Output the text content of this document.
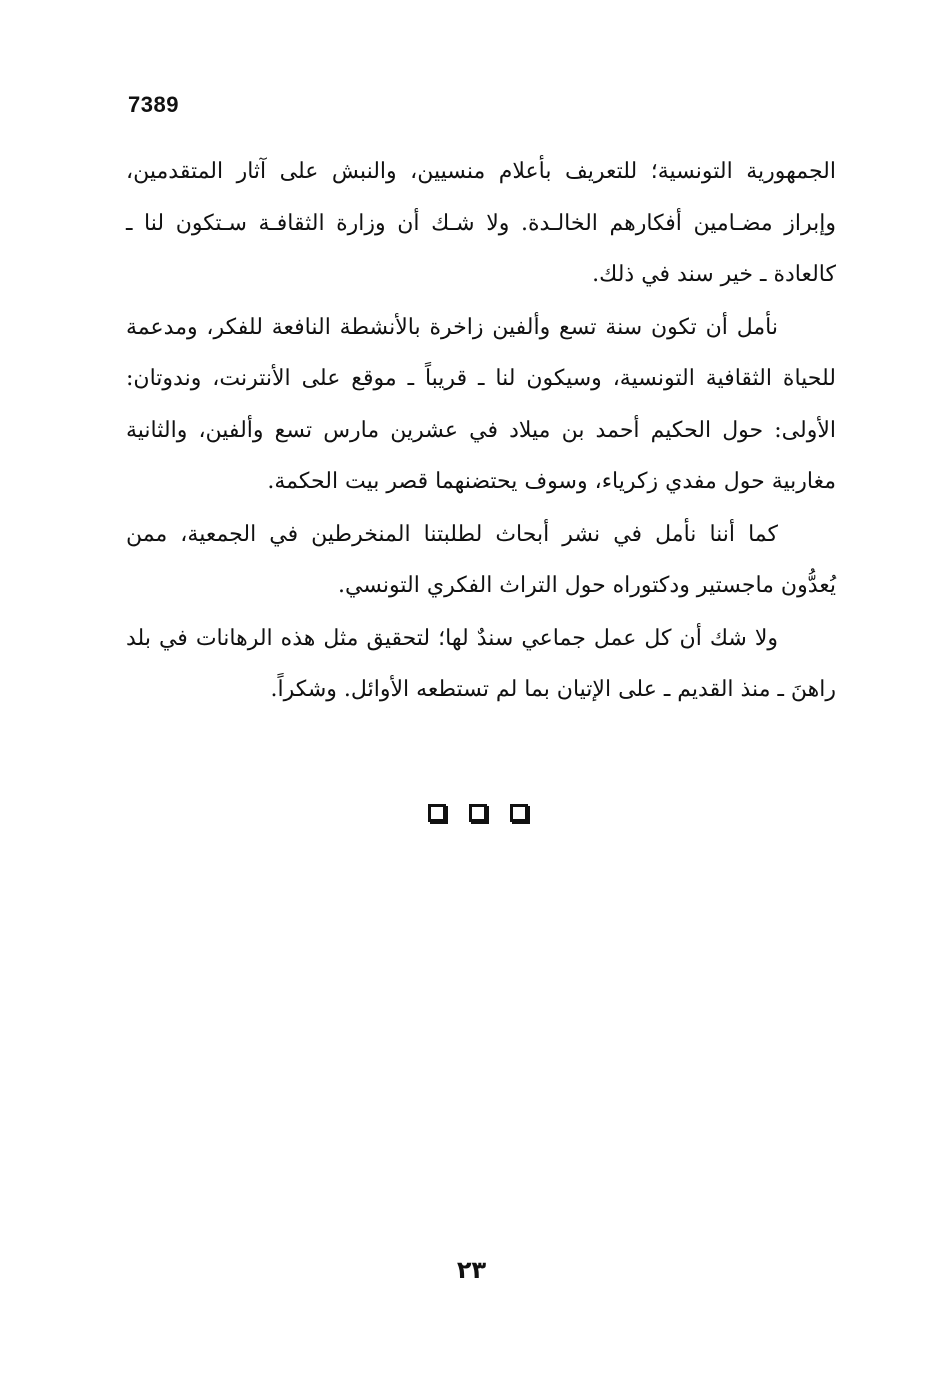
7389

الجمهورية التونسية؛ للتعريف بأعلام منسيين، والنبش على آثار المتقدمين، وإبراز مضـامين أفكارهم الخالـدة. ولا شـك أن وزارة الثقافـة سـتكون لنا ـ كالعادة ـ خير سند في ذلك.

نأمل أن تكون سنة تسع وألفين زاخرة بالأنشطة النافعة للفكر، ومدعمة للحياة الثقافية التونسية، وسيكون لنا ـ قريباً ـ موقع على الأنترنت، وندوتان: الأولى: حول الحكيم أحمد بن ميلاد في عشرين مارس تسع وألفين، والثانية مغاربية حول مفدي زكرياء، وسوف يحتضنهما قصر بيت الحكمة.

كما أننا نأمل في نشر أبحاث لطلبتنا المنخرطين في الجمعية، ممن يُعدُّون ماجستير ودكتوراه حول التراث الفكري التونسي.

ولا شك أن كل عمل جماعي سندٌ لها؛ لتحقيق مثل هذه الرهانات في بلد راهنَ ـ منذ القديم ـ على الإتيان بما لم تستطعه الأوائل. وشكراً.

٢٣
